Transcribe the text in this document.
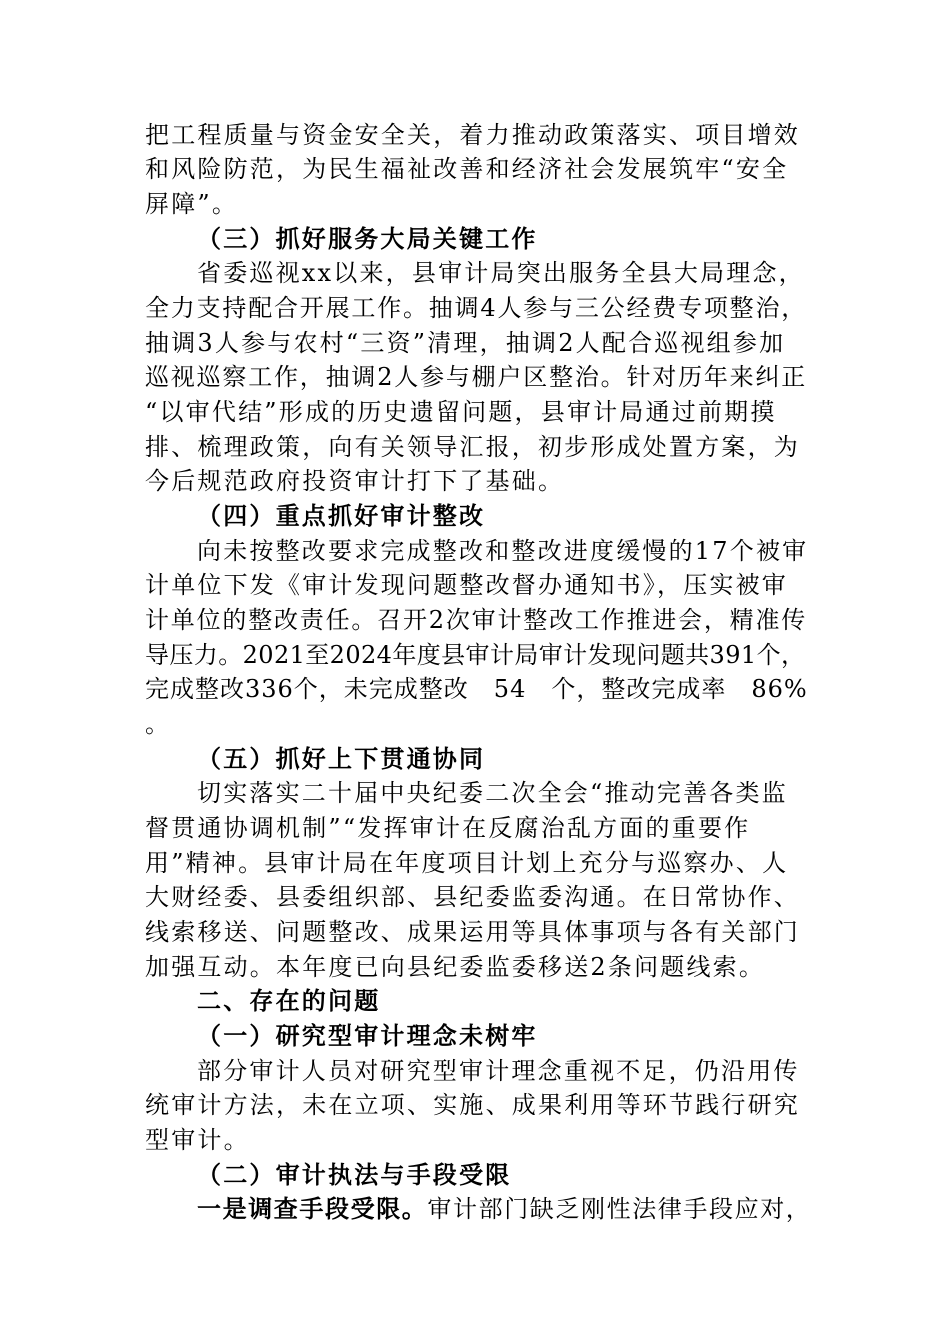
把工程质量与资金安全关，着力推动政策落实、项目增效
和风险防范，为民生福祉改善和经济社会发展筑牢“安全
屏障”。
（三）抓好服务大局关键工作
省委巡视xx以来，县审计局突出服务全县大局理念，
全力支持配合开展工作。抽调4人参与三公经费专项整治，
抽调3人参与农村“三资”清理，抽调2人配合巡视组参加
巡视巡察工作，抽调2人参与棚户区整治。针对历年来纠正
“以审代结”形成的历史遗留问题，县审计局通过前期摸
排、梳理政策，向有关领导汇报，初步形成处置方案，为
今后规范政府投资审计打下了基础。
（四）重点抓好审计整改
向未按整改要求完成整改和整改进度缓慢的17个被审
计单位下发《审计发现问题整改督办通知书》，压实被审
计单位的整改责任。召开2次审计整改工作推进会，精准传
导压力。2021至2024年度县审计局审计发现问题共391个，
完成整改336个，未完成整改　54　个，整改完成率　86%
。
（五）抓好上下贯通协同
切实落实二十届中央纪委二次全会“推动完善各类监
督贯通协调机制”“发挥审计在反腐治乱方面的重要作
用”精神。县审计局在年度项目计划上充分与巡察办、人
大财经委、县委组织部、县纪委监委沟通。在日常协作、
线索移送、问题整改、成果运用等具体事项与各有关部门
加强互动。本年度已向县纪委监委移送2条问题线索。
二、存在的问题
（一）研究型审计理念未树牢
部分审计人员对研究型审计理念重视不足，仍沿用传
统审计方法，未在立项、实施、成果利用等环节践行研究
型审计。
（二）审计执法与手段受限
一是调查手段受限。审计部门缺乏刚性法律手段应对，
